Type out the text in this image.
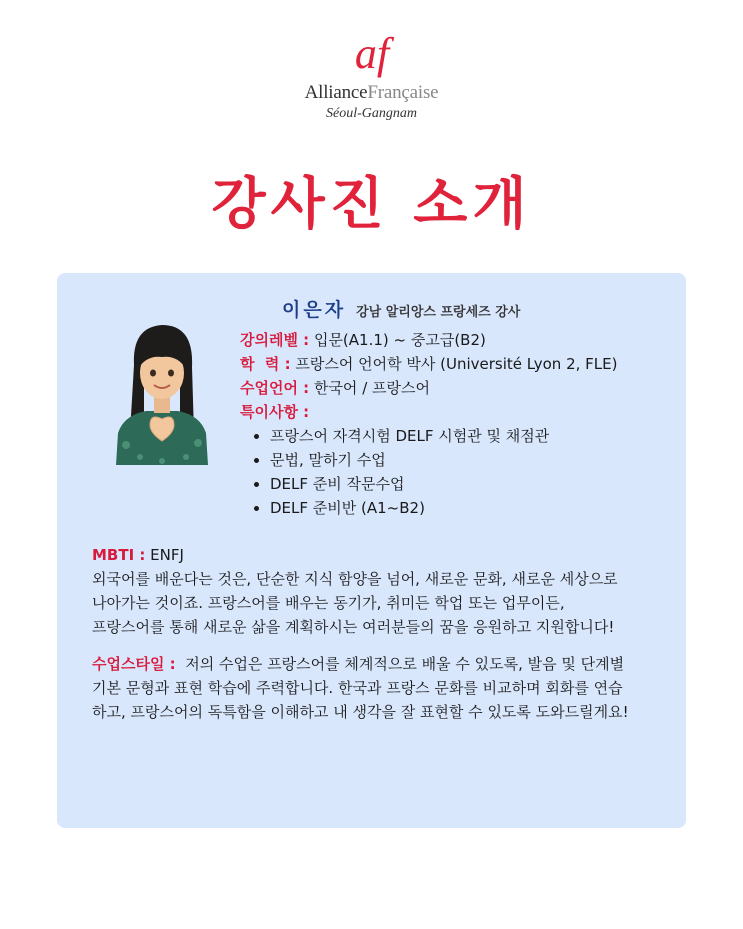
af
AllianceFrançaise
Séoul-Gangnam
강사진 소개
이은자 강남 알리앙스 프랑세즈 강사
강의레벨 : 입문(A1.1) ~ 중고급(B2)
학  력 : 프랑스어 언어학 박사 (Université Lyon 2, FLE)
수업언어 : 한국어 / 프랑스어
특이사항 :
• 프랑스어 자격시험 DELF 시험관 및 채점관
• 문법, 말하기 수업
• DELF 준비 작문수업
• DELF 준비반 (A1~B2)
MBTI : ENFJ
외국어를 배운다는 것은, 단순한 지식 함양을 넘어, 새로운 문화, 새로운 세상으로
나아가는 것이죠. 프랑스어를 배우는 동기가, 취미든 학업 또는 업무이든,
프랑스어를 통해 새로운 삶을 계획하시는 여러분들의 꿈을 응원하고 지원합니다!
수업스타일 :  저의 수업은 프랑스어를 체계적으로 배울 수 있도록, 발음 및 단계별
기본 문형과 표현 학습에 주력합니다. 한국과 프랑스 문화를 비교하며 회화를 연습
하고, 프랑스어의 독특함을 이해하고 내 생각을 잘 표현할 수 있도록 도와드릴게요!
